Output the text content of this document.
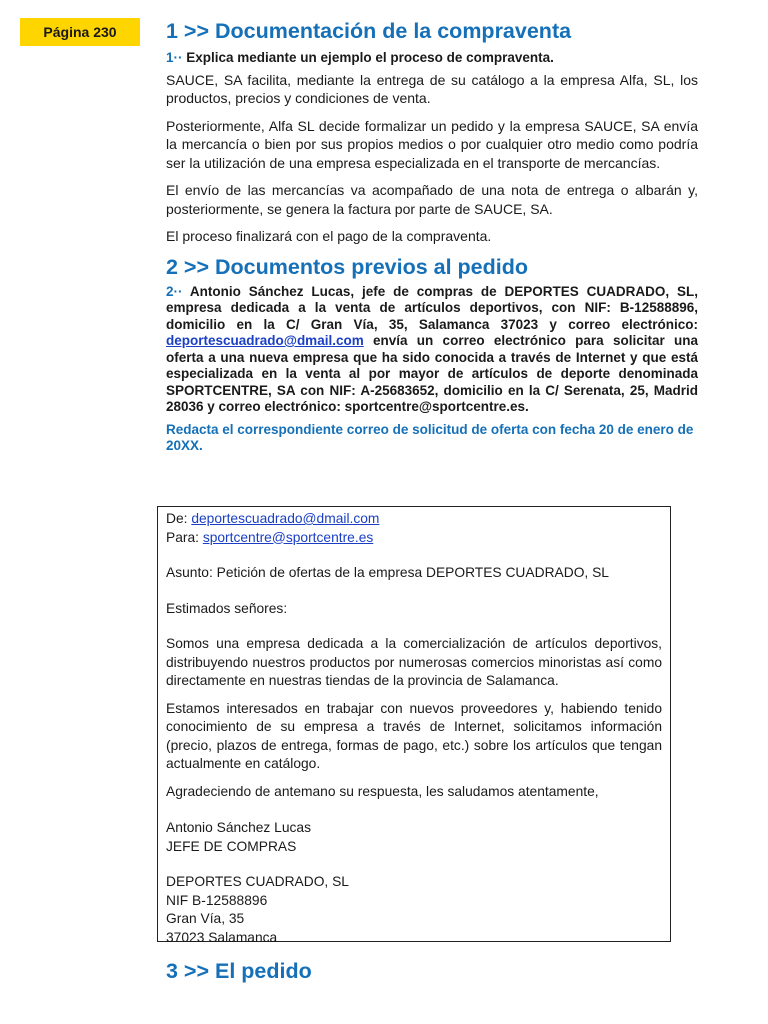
Página 230	1 >> Documentación de la compraventa

1·· Explica mediante un ejemplo el proceso de compraventa.

SAUCE, SA facilita, mediante la entrega de su catálogo a la empresa Alfa, SL, los productos, precios y condiciones de venta.

Posteriormente, Alfa SL decide formalizar un pedido y la empresa SAUCE, SA envía la mercancía o bien por sus propios medios o por cualquier otro medio como podría ser la utilización de una empresa especializada en el transporte de mercancías.

El envío de las mercancías va acompañado de una nota de entrega o albarán y, posteriormente, se genera la factura por parte de SAUCE, SA.

El proceso finalizará con el pago de la compraventa.

2 >> Documentos previos al pedido

2·· Antonio Sánchez Lucas, jefe de compras de DEPORTES CUADRADO, SL, empresa dedicada a la venta de artículos deportivos, con NIF: B-12588896, domicilio en la C/ Gran Vía, 35, Salamanca 37023 y correo electrónico: deportescuadrado@dmail.com envía un correo electrónico para solicitar una oferta a una nueva empresa que ha sido conocida a través de Internet y que está especializada en la venta al por mayor de artículos de deporte denominada SPORTCENTRE, SA con NIF: A-25683652, domicilio en la C/ Serenata, 25, Madrid 28036 y correo electrónico: sportcentre@sportcentre.es.

Redacta el correspondiente correo de solicitud de oferta con fecha 20 de enero de 20XX.

De: deportescuadrado@dmail.com

Para: sportcentre@sportcentre.es

Asunto: Petición de ofertas de la empresa DEPORTES CUADRADO, SL

Estimados señores:

Somos una empresa dedicada a la comercialización de artículos deportivos, distribuyendo nuestros productos por numerosas comercios minoristas así como directamente en nuestras tiendas de la provincia de Salamanca.

Estamos interesados en trabajar con nuevos proveedores y, habiendo tenido conocimiento de su empresa a través de Internet, solicitamos información (precio, plazos de entrega, formas de pago, etc.) sobre los artículos que tengan actualmente en catálogo.

Agradeciendo de antemano su respuesta, les saludamos atentamente,

Antonio Sánchez Lucas

JEFE DE COMPRAS

DEPORTES CUADRADO, SL

NIF B-12588896

Gran Vía, 35

37023 Salamanca

3 >> El pedido
